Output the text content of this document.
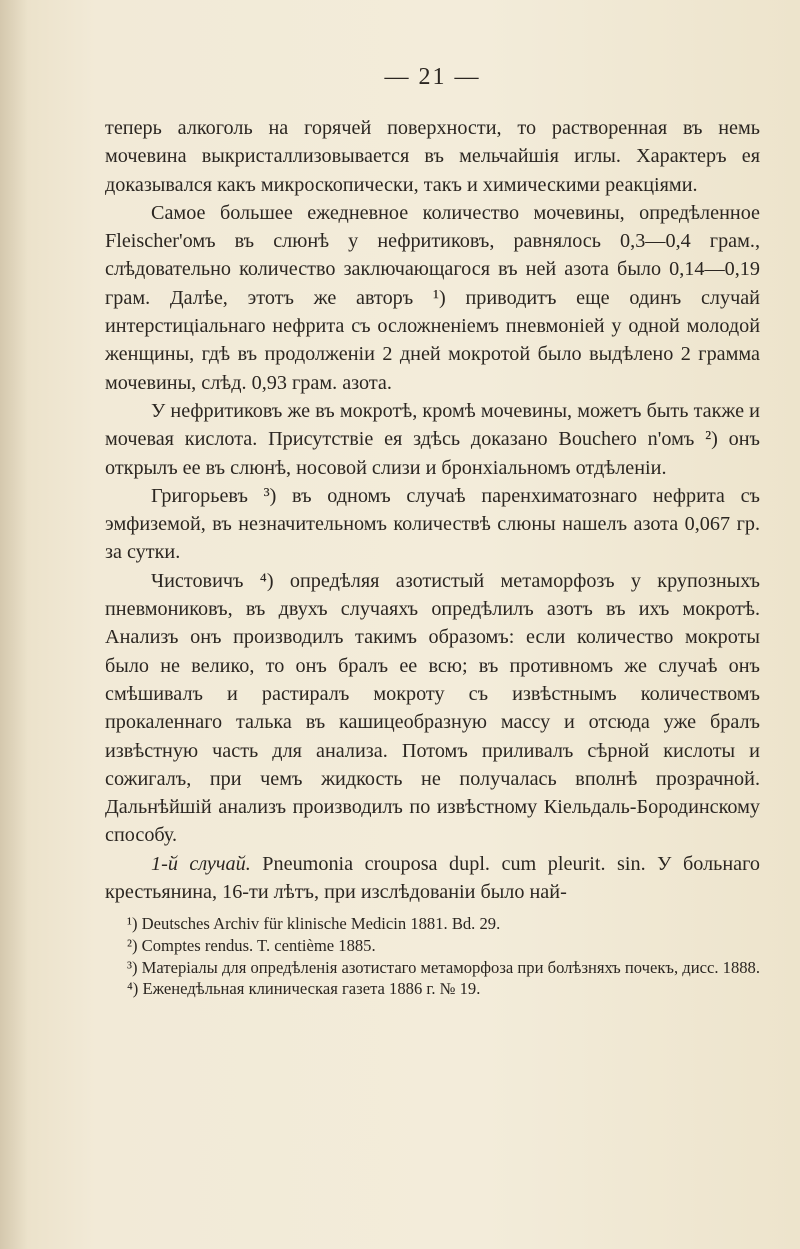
— 21 —

теперь алкоголь на горячей поверхности, то растворенная въ немь мочевина выкристаллизовывается въ мельчайшія иглы. Характеръ ея доказывался какъ микроскопически, такъ и химическими реакціями.

Самое большее ежедневное количество мочевины, опредѣленное Fleischer'омъ въ слюнѣ у нефритиковъ, равнялось 0,3—0,4 грам., слѣдовательно количество заключающагося въ ней азота было 0,14—0,19 грам. Далѣе, этотъ же авторъ ¹) приводитъ еще одинъ случай интерстиціальнаго нефрита съ осложненіемъ пневмоніей у одной молодой женщины, гдѣ въ продолженіи 2 дней мокротой было выдѣлено 2 грамма мочевины, слѣд. 0,93 грам. азота.

У нефритиковъ же въ мокротѣ, кромѣ мочевины, можетъ быть также и мочевая кислота. Присутствіе ея здѣсь доказано Bouchero n'омъ ²) онъ открылъ ее въ слюнѣ, носовой слизи и бронхіальномъ отдѣленіи.

Григорьевъ ³) въ одномъ случаѣ паренхиматознаго нефрита съ эмфиземой, въ незначительномъ количествѣ слюны нашелъ азота 0,067 гр. за сутки.

Чистовичъ ⁴) опредѣляя азотистый метаморфозъ у крупозныхъ пневмониковъ, въ двухъ случаяхъ опредѣлилъ азотъ въ ихъ мокротѣ. Анализъ онъ производилъ такимъ образомъ: если количество мокроты было не велико, то онъ бралъ ее всю; въ противномъ же случаѣ онъ смѣшивалъ и растиралъ мокроту съ извѣстнымъ количествомъ прокаленнаго талька въ кашицеобразную массу и отсюда уже бралъ извѣстную часть для анализа. Потомъ приливалъ сѣрной кислоты и сожигалъ, при чемъ жидкость не получалась вполнѣ прозрачной. Дальнѣйшій анализъ производилъ по извѣстному Кіельдаль-Бородинскому способу.

1-й случай. Pneumonia crouposa dupl. cum pleurit. sin. У больнаго крестьянина, 16-ти лѣтъ, при изслѣдованіи было най-

¹) Deutsches Archiv für klinische Medicin 1881. Bd. 29.

²) Comptes rendus. T. centième 1885.

³) Матеріалы для опредѣленія азотистаго метаморфоза при болѣзняхъ почекъ, дисс. 1888.

⁴) Еженедѣльная клиническая газета 1886 г. № 19.
